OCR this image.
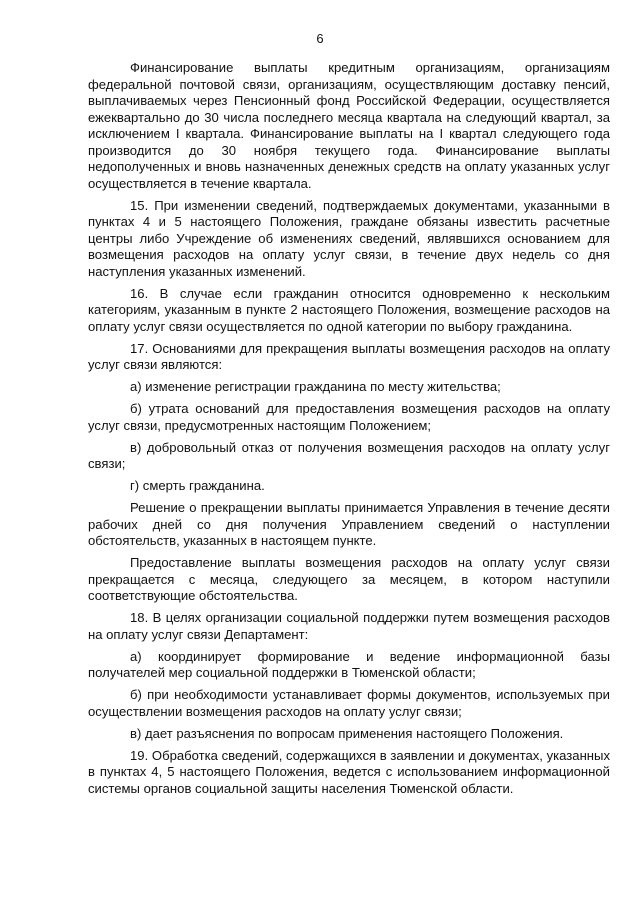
6

Финансирование выплаты кредитным организациям, организациям федеральной почтовой связи, организациям, осуществляющим доставку пенсий, выплачиваемых через Пенсионный фонд Российской Федерации, осуществляется ежеквартально до 30 числа последнего месяца квартала на следующий квартал, за исключением I квартала. Финансирование выплаты на I квартал следующего года производится до 30 ноября текущего года. Финансирование выплаты недополученных и вновь назначенных денежных средств на оплату указанных услуг осуществляется в течение квартала.

15. При изменении сведений, подтверждаемых документами, указанными в пунктах 4 и 5 настоящего Положения, граждане обязаны известить расчетные центры либо Учреждение об изменениях сведений, являвшихся основанием для возмещения расходов на оплату услуг связи, в течение двух недель со дня наступления указанных изменений.

16. В случае если гражданин относится одновременно к нескольким категориям, указанным в пункте 2 настоящего Положения, возмещение расходов на оплату услуг связи осуществляется по одной категории по выбору гражданина.

17. Основаниями для прекращения выплаты возмещения расходов на оплату услуг связи являются:

а) изменение регистрации гражданина по месту жительства;

б) утрата оснований для предоставления возмещения расходов на оплату услуг связи, предусмотренных настоящим Положением;

в) добровольный отказ от получения возмещения расходов на оплату услуг связи;

г) смерть гражданина.

Решение о прекращении выплаты принимается Управления в течение десяти рабочих дней со дня получения Управлением сведений о наступлении обстоятельств, указанных в настоящем пункте.

Предоставление выплаты возмещения расходов на оплату услуг связи прекращается с месяца, следующего за месяцем, в котором наступили соответствующие обстоятельства.

18. В целях организации социальной поддержки путем возмещения расходов на оплату услуг связи Департамент:

а) координирует формирование и ведение информационной базы получателей мер социальной поддержки в Тюменской области;

б) при необходимости устанавливает формы документов, используемых при осуществлении возмещения расходов на оплату услуг связи;

в) дает разъяснения по вопросам применения настоящего Положения.

19. Обработка сведений, содержащихся в заявлении и документах, указанных в пунктах 4, 5 настоящего Положения, ведется с использованием информационной системы органов социальной защиты населения Тюменской области.
